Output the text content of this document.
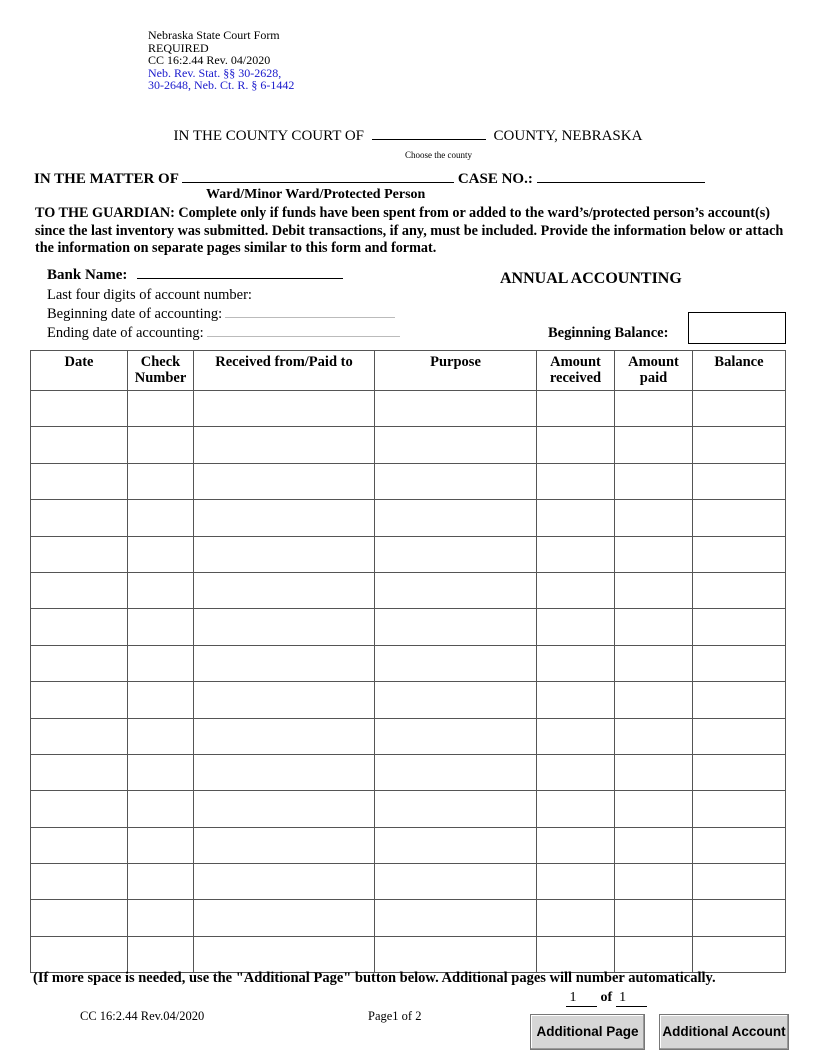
Nebraska State Court Form
REQUIRED
CC 16:2.44 Rev. 04/2020
Neb. Rev. Stat. §§ 30-2628,
30-2648, Neb. Ct. R. § 6-1442
IN THE COUNTY COURT OF	COUNTY, NEBRASKA
Choose the county
IN THE MATTER OF	CASE NO.:
Ward/Minor Ward/Protected Person
TO THE GUARDIAN: Complete only if funds have been spent from or added to the ward’s/protected person’s account(s) since the last inventory was submitted. Debit transactions, if any, must be included. Provide the information below or attach the information on separate pages similar to this form and format.
Bank Name:	ANNUAL ACCOUNTING
Last four digits of account number:
Beginning date of accounting:
Ending date of accounting:	Beginning Balance:
Date	Check Number	Received from/Paid to	Purpose	Amount received	Amount paid	Balance

(If more space is needed, use the "Additional Page" button below. Additional pages will number automatically.
1 of 1
CC 16:2.44 Rev.04/2020	Page1 of 2
Additional Page	Additional Account
